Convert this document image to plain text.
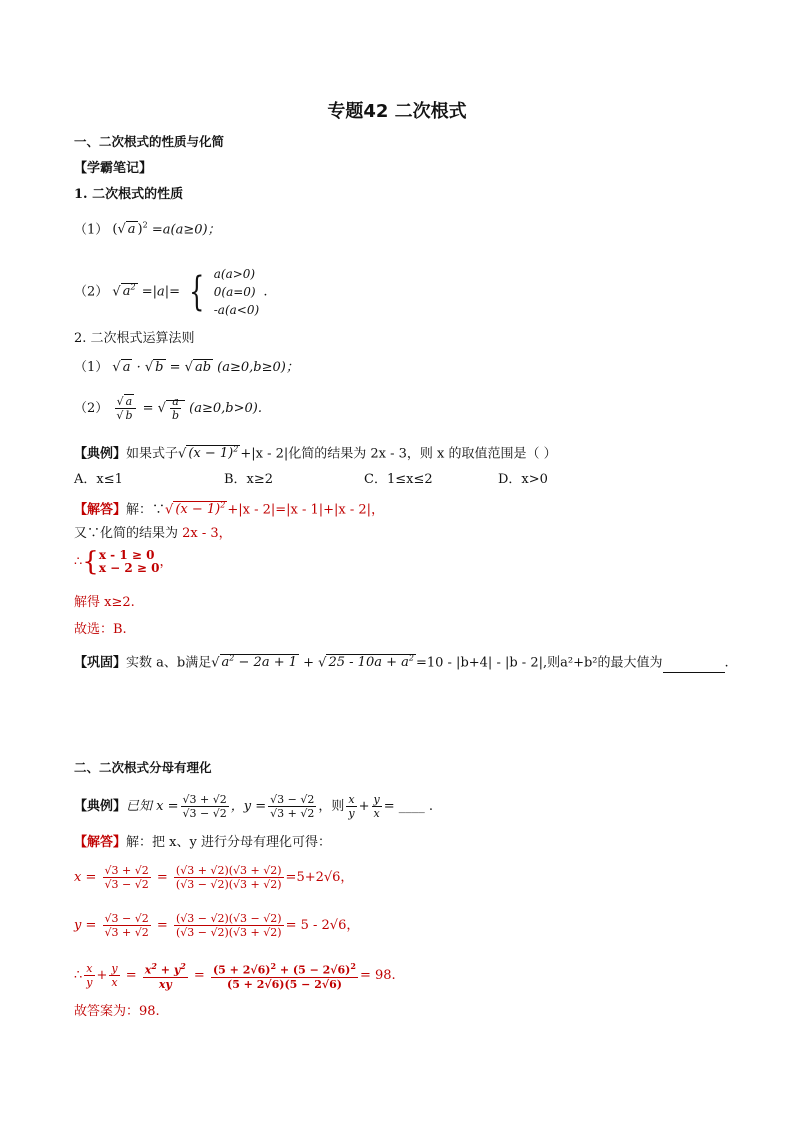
专题42 二次根式
一、二次根式的性质与化简
【学霸笔记】
1. 二次根式的性质
（1） (√ a )$^2$ =a(a≥0)；
（2） √ $a^2 =|a|=$ { a(a>0)
0(a=0)
-a(a<0)
.
2. 二次根式运算法则
（1） √ a · √ b = √ ab (a≥0,b≥0)；
$(2) \frac{√ a}{√ b}$ = √ $\frac{a}{b} (a\ge 0,b>0)$.
【典例】如果式子√ $(x - 1)^2 +|x - 2|$化简的结果为 2x - 3，则 x 的取值范围是（ ）
A．x≤1	B．x≥2	C．1≤x≤2	D．x>0
【解答】解：∵√ $(x - 1)^2 +|x - 2|=|x - 1|+|x - 2|$，
又∵化简的结果为 2x - 3，
∴{ x - 1 ≥ 0
x − 2 ≥ 0 ，
解得 x≥2.
故选：B.
【巩固】实数 a、b满足√ $a^2 - 2a + 1$ + √ $25 - 10a + a^2 =10 - |b+4| - |b - 2|$,则a²+b²的最大值为	.
二、二次根式分母有理化
【典例】已知 $x = \frac{√3 + √2}{√3 - √2}$ ，$y = \frac{√3 - √2}{√3 + √2}$ ，则 $\frac{x}{y} + \frac{y}{x}$ = ____ .
【解答】解：把 x、y 进行分母有理化可得：
$x = \frac{√3 + √2}{√3 - √2} = \frac{(√3 + √2)(√3 + √2)}{(√3 - √2)(√3 + √2)} =5+2√6$，
$y = \frac{√3 - √2}{√3 + √2} = \frac{(√3 - √2)(√3 - √2)}{(√3 - √2)(√3 + √2)} = 5 - 2√6$，
∴ $\frac{x}{y} + \frac{y}{x} = \frac{x^2 + y^2}{xy} = \frac{(5 + 2√6)^2 + (5 - 2√6)^2}{(5 + 2√6)(5 - 2√6)} = 98$.
故答案为：98.
